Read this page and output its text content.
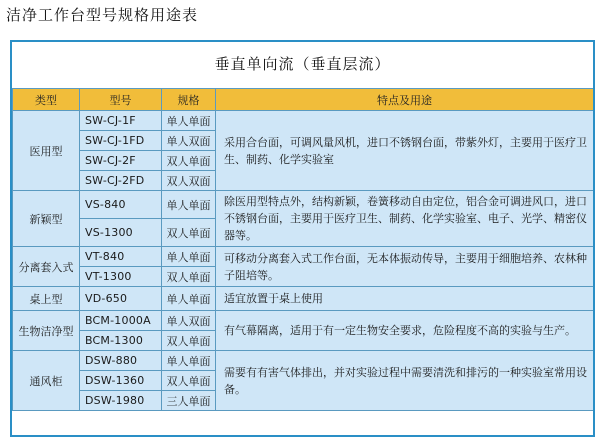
洁净工作台型号规格用途表
垂直单向流（垂直层流）
类型	型号	规格	特点及用途
医用型	SW-CJ-1F	单人单面	采用合台面，可调风量风机，进口不锈钢台面，带紫外灯，主要用于医疗卫生、制药、化学实验室
	SW-CJ-1FD	单人双面	
	SW-CJ-2F	双人单面	
	SW-CJ-2FD	双人双面	
新颖型	VS-840	单人单面	除医用型特点外，结构新颖，卷簧移动自由定位，铝合金可调进风口，进口不锈钢台面，主要用于医疗卫生、制药、化学实验室、电子、光学、精密仪器等。
	VS-1300	双人单面	
分离套入式	VT-840	单人单面	可移动分离套入式工作台面，无本体振动传导，主要用于细胞培养、农林种子阻培等。
	VT-1300	双人单面	
桌上型	VD-650	单人单面	适宜放置于桌上使用
生物洁净型	BCM-1000A	单人双面	有气幕隔离，适用于有一定生物安全要求，危险程度不高的实验与生产。
	BCM-1300	双人单面	
通风柜	DSW-880	单人单面	需要有有害气体排出，并对实验过程中需要清洗和排污的一种实验室常用设备。
	DSW-1360	双人单面	
	DSW-1980	三人单面	
